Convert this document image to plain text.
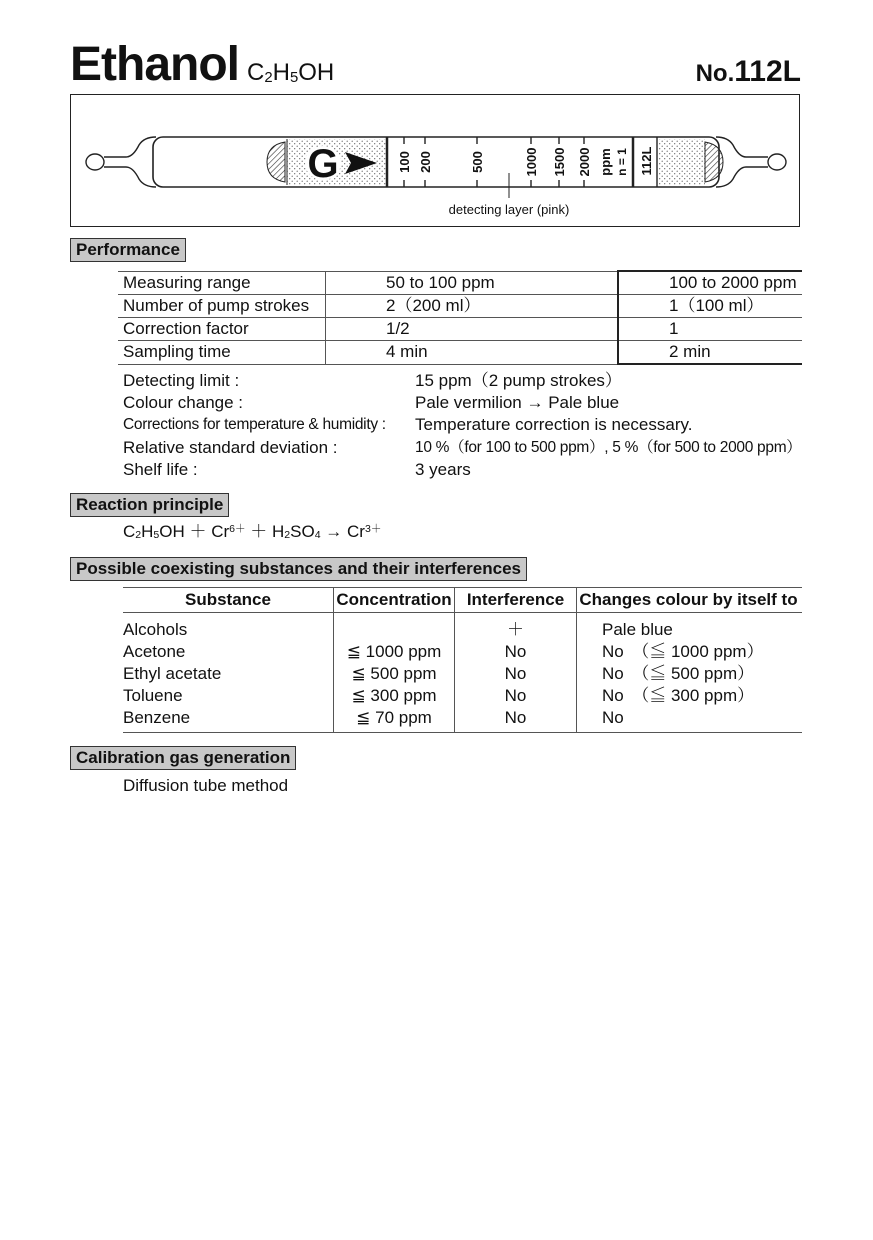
Ethanol C2H5OH	No.112L
G	100 200	500	1000 1500 2000 ppm n = 1 112L
detecting layer (pink)
Performance
Measuring range	50 to 100 ppm	100 to 2000 ppm
Number of pump strokes	2（200 ml）	1（100 ml）
Correction factor	1/2	1
Sampling time	4 min	2 min
Detecting limit :	15 ppm（2 pump strokes）
Colour change :	Pale vermilion → Pale blue
Corrections for temperature & humidity : Temperature correction is necessary.
Relative standard deviation :	10 %（for 100 to 500 ppm）, 5 %（for 500 to 2000 ppm）
Shelf life :	3 years
Reaction principle
$C2H5OH + Cr^{6+} + H2SO4 \to Cr^{3+}$
Possible coexisting substances and their interferences
Substance	Concentration	Interference	Changes colour by itself to

Alcohols		＋	Pale blue
Acetone	≦ 1000 ppm	No	No　（≦ 1000 ppm）
Ethyl acetate	≦ 500 ppm	No	No　（≦ 500 ppm）
Toluene	≦ 300 ppm	No	No　（≦ 300 ppm）
Benzene	≦ 70 ppm	No	No
Calibration gas generation
Diffusion tube method
